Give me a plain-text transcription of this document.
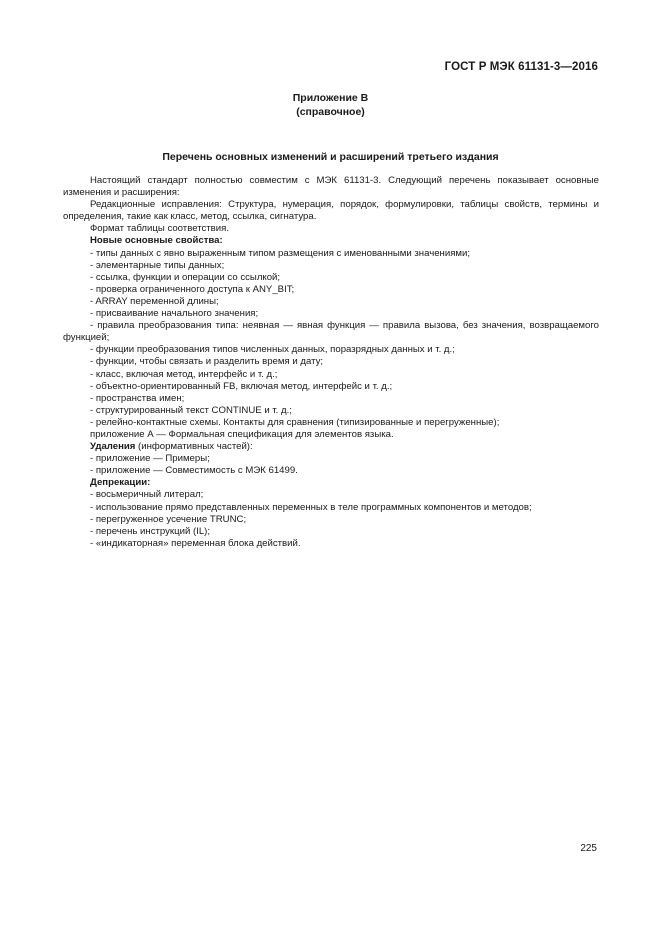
ГОСТ Р МЭК 61131-3—2016
Приложение В
(справочное)
Перечень основных изменений и расширений третьего издания

Настоящий стандарт полностью совместим с МЭК 61131-3. Следующий перечень показывает основные изменения и расширения:

Редакционные исправления: Структура, нумерация, порядок, формулировки, таблицы свойств, термины и определения, такие как класс, метод, ссылка, сигнатура.

Формат таблицы соответствия.

Новые основные свойства:

- типы данных с явно выраженным типом размещения с именованными значениями;

- элементарные типы данных;

- ссылка, функции и операции со ссылкой;

- проверка ограниченного доступа к ANY_BIT;

- ARRAY переменной длины;

- присваивание начального значения;

- правила преобразования типа: неявная — явная функция — правила вызова, без значения, возвращаемого функцией;

- функции преобразования типов численных данных, поразрядных данных и т. д.;

- функции, чтобы связать и разделить время и дату;

- класс, включая метод, интерфейс и т. д.;

- объектно-ориентированный FB, включая метод, интерфейс и т. д.;

- пространства имен;

- структурированный текст CONTINUE и т. д.;

- релейно-контактные схемы. Контакты для сравнения (типизированные и перегруженные);

приложение А — Формальная спецификация для элементов языка.

Удаления (информативных частей):

- приложение — Примеры;

- приложение — Совместимость с МЭК 61499.

Депрекации:

- восьмеричный литерал;

- использование прямо представленных переменных в теле программных компонентов и методов;

- перегруженное усечение TRUNC;

- перечень инструкций (IL);

- «индикаторная» переменная блока действий.

225
